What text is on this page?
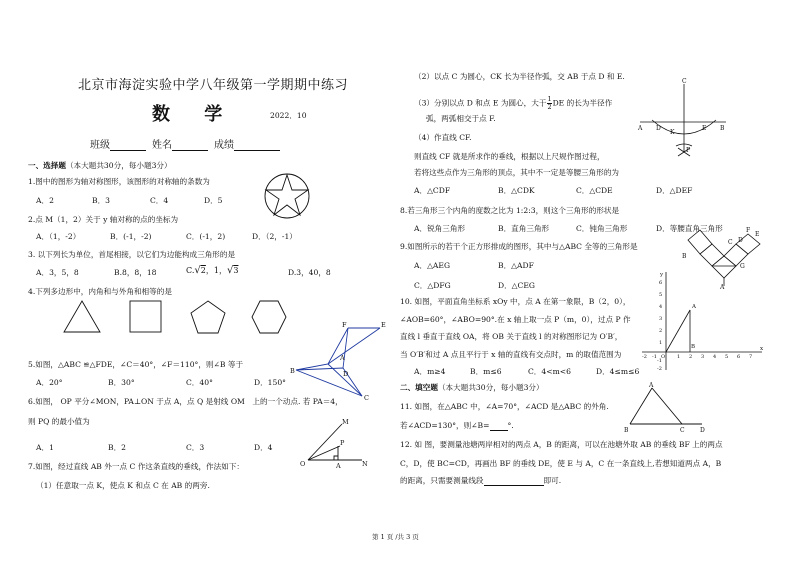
北京市海淀实验中学八年级第一学期期中练习
数 学	2022．10
班级	姓名	成绩
一、选择题（本大题共30分，每小题3分）
1.图中的图形为轴对称图形，该图形的对称轴的条数为
A．2	B．3	C．4	D．5
2.点 M（1，2）关于 y 轴对称的点的坐标为
A．（1，-2）	B．(-1，-2)	C．(-1，2)	D．（2，-1）
3. 以下列长为单位，首尾相接，以它们为边能构成三角形的是
A．3，5，8	B.8，8，18	C.√2，1，√3	D.3，40，8
4.下列多边形中，内角和与外角和相等的是
5.如图，△ABC ≌△FDE，∠C＝40°，∠F＝110°，则∠B 等于
A．20°	B．30°	C．40°	D．150°
F	E
A
B	D
C
6.如图， OP 平分∠MON，PA⊥ON 于点 A，点 Q 是射线 OM　上的一个动点. 若 PA＝4，
则 PQ 的最小值为
A．1	B．2	C．3	D．4
M
P
O	A	N
7.如图，经过直线 AB 外一点 C 作这条直线的垂线，作法如下：
（1）任意取一点 K，使点 K 和点 C 在 AB 的两旁.
（2）以点 C 为圆心，CK 长为半径作弧，交 AB 于点 D 和 E.
（3）分别以点 D 和点 E 为圆心，大于 $\frac{1}{2}$ DE 的长为半径作
弧，两弧相交于点 F.
（4）作直线 CF.
则直线 CF 就是所求作的垂线，根据以上尺规作图过程，
若将这些点作为三角形的顶点，其中不一定是等腰三角形的为
A．△CDF	B．△CDK	C．△CDE	D．△DEF
C
A D
K
E B
F
8.若三角形三个内角的度数之比为 1:2:3，则这个三角形的形状是
A．锐角三角形	B．直角三角形	C．钝角三角形	D．等腰直角三角形
9.如图所示的若干个正方形排成的图形，其中与△ABC 全等的三角形是
A．△AEG	B．△ADF
C．△DFG	D．△CEG
F
E
D
C
B
G
A
10. 如图，平面直角坐标系 xOy 中，点 A 在第一象限，B（2，0），
∠AOB=60°，∠ABO=90°.在 x 轴上取一点 P（m，0），过点 P 作
直线 l 垂直于直线 OA，将 OB 关于直线 l 的对称图形记为 O′B′，
当 O′B′和过 A 点且平行于 x 轴的直线有交点时，m 的取值范围为
A．m≥4	B．m≤6	C．4<m<6	D．4≤m≤6
y
A
B	x
6
5
4
3
2
1
-1
-2
-2 -1 O 1 2 3 4 5 6 7
二、填空题（本大题共30分，每小题3分）
11. 如图，在△ABC 中，∠A=70°，∠ACD 是△ABC 的外角.
若∠ACD=130°，则∠B= °.
A
B	C	D
12. 如 图，要测量池塘两岸相对的两点 A，B 的距离，可以在池塘外取 AB 的垂线 BF 上的两点
C，D，使 BC=CD，再画出 BF 的垂线 DE，使 E 与 A，C 在一条直线上,若想知道两点 A，B
的距离，只需要测量线段	即可.
第 1 页 /共 3 页
